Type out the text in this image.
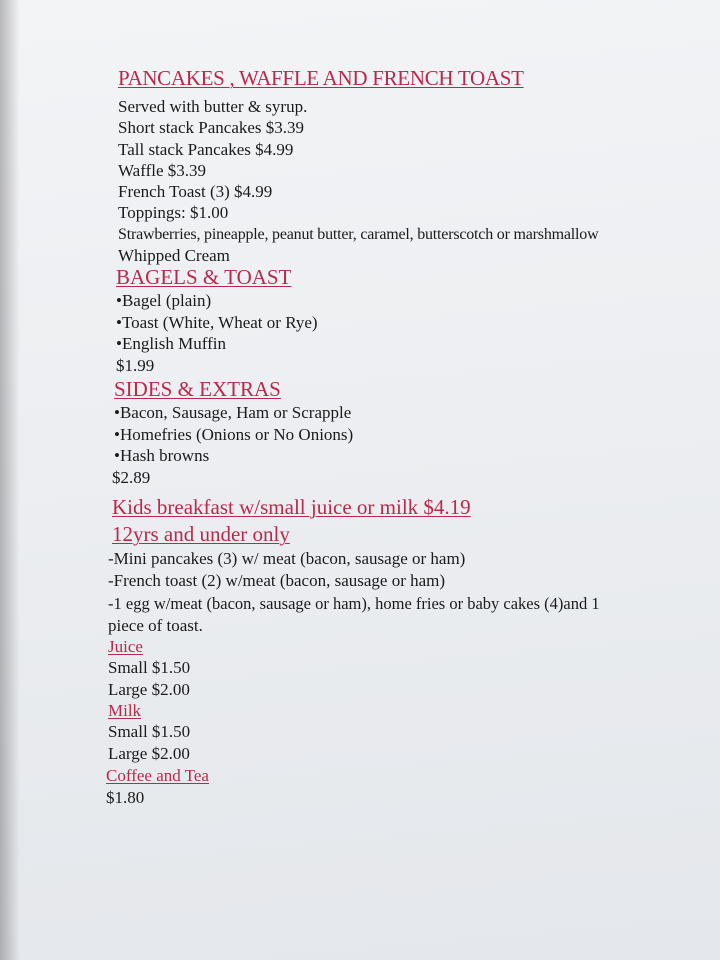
PANCAKES , WAFFLE AND FRENCH TOAST
Served with butter & syrup.
Short stack Pancakes $3.39
Tall stack Pancakes $4.99
Waffle $3.39
French Toast (3) $4.99
Toppings: $1.00
Strawberries, pineapple, peanut butter, caramel, butterscotch or marshmallow
Whipped Cream
BAGELS & TOAST
•Bagel (plain)
•Toast (White, Wheat or Rye)
•English Muffin
$1.99
SIDES & EXTRAS
•Bacon, Sausage, Ham or Scrapple
•Homefries (Onions or No Onions)
•Hash browns
$2.89
Kids breakfast w/small juice or milk $4.19
12yrs and under only
-Mini pancakes (3) w/ meat (bacon, sausage or ham)
-French toast (2) w/meat (bacon, sausage or ham)
-1 egg w/meat (bacon, sausage or ham), home fries or baby cakes (4)and 1
piece of toast.
Juice
Small $1.50
Large $2.00
Milk
Small $1.50
Large $2.00
Coffee and Tea
$1.80
